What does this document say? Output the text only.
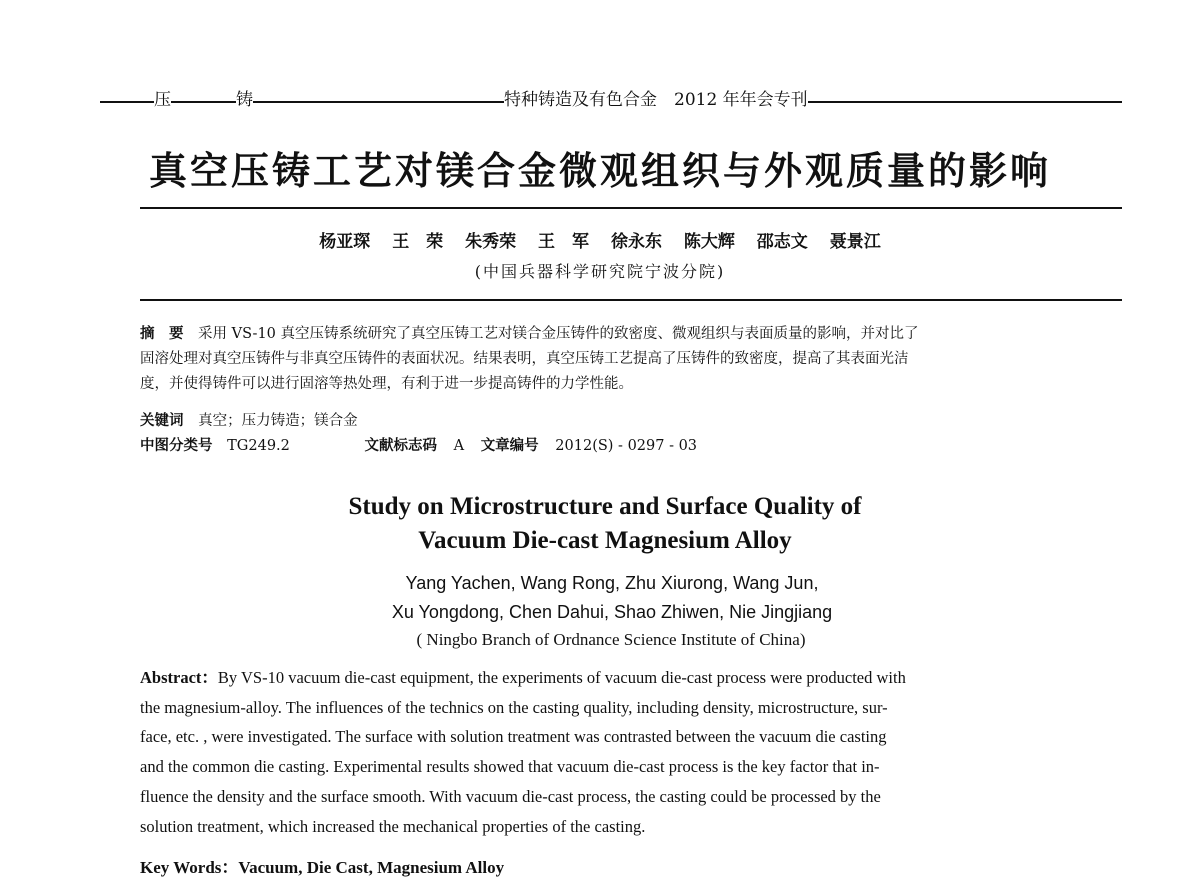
压	铸	特种铸造及有色合金　2012 年年会专刊
真空压铸工艺对镁合金微观组织与外观质量的影响
杨亚琛 王　荣 朱秀荣 王　军 徐永东 陈大辉 邵志文 聂景江
(中国兵器科学研究院宁波分院)
摘　要　 采用 VS-10 真空压铸系统研究了真空压铸工艺对镁合金压铸件的致密度、微观组织与表面质量的影响，并对比了
固溶处理对真空压铸件与非真空压铸件的表面状况。结果表明，真空压铸工艺提高了压铸件的致密度，提高了其表面光洁
度，并使得铸件可以进行固溶等热处理，有利于进一步提高铸件的力学性能。
关键词 真空；压力铸造；镁合金
中图分类号 TG249.2	文献标志码 A 文章编号 2012(S) - 0297 - 03
Study on Microstructure and Surface Quality of
Vacuum Die-cast Magnesium Alloy
Yang Yachen, Wang Rong, Zhu Xiurong, Wang Jun,
Xu Yongdong, Chen Dahui, Shao Zhiwen, Nie Jingjiang
( Ningbo Branch of Ordnance Science Institute of China)
Abstract：By VS-10 vacuum die-cast equipment, the experiments of vacuum die-cast process were producted with
the magnesium-alloy. The influences of the technics on the casting quality, including density, microstructure, sur-
face, etc. , were investigated. The surface with solution treatment was contrasted between the vacuum die casting
and the common die casting. Experimental results showed that vacuum die-cast process is the key factor that in-
fluence the density and the surface smooth. With vacuum die-cast process, the casting could be processed by the
solution treatment, which increased the mechanical properties of the casting.
Key Words：Vacuum, Die Cast, Magnesium Alloy
